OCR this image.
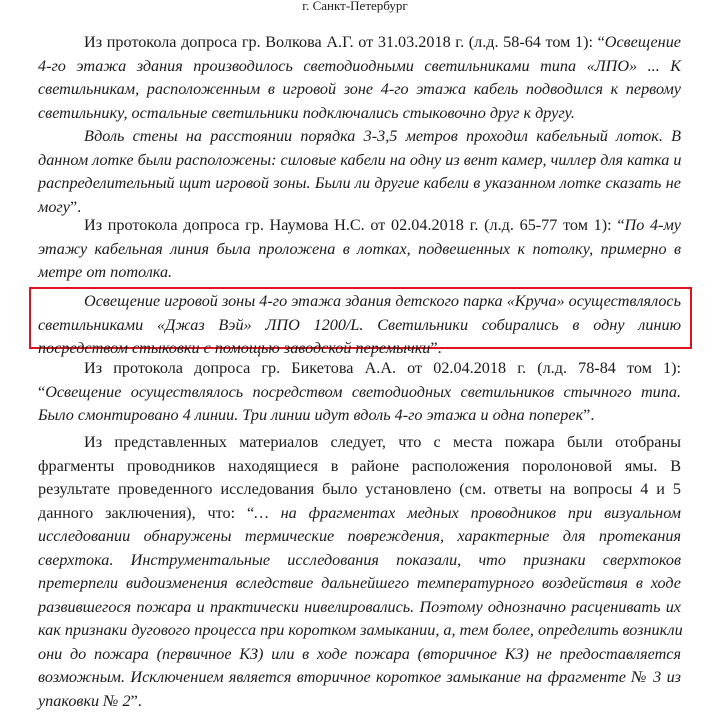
г. Санкт-Петербург
Из протокола допроса гр. Волкова А.Г. от 31.03.2018 г. (л.д. 58-64 том 1): “Освещение
4-го этажа здания производилось светодиодными светильниками типа «ЛПО» ... К
светильникам, расположенным в игровой зоне 4-го этажа кабель подводился к первому
светильнику, остальные светильники подключались стыковочно друг к другу.
Вдоль стены на расстоянии порядка 3-3,5 метров проходил кабельный лоток. В
данном лотке были расположены: силовые кабели на одну из вент камер, чиллер для катка и
распределительный щит игровой зоны. Были ли другие кабели в указанном лотке сказать не
могу”.
Из протокола допроса гр. Наумова Н.С. от 02.04.2018 г. (л.д. 65-77 том 1): “По 4-му
этажу кабельная линия была проложена в лотках, подвешенных к потолку, примерно в
метре от потолка.
Освещение игровой зоны 4-го этажа здания детского парка «Круча» осуществлялось
светильниками «Джаз Вэй» ЛПО 1200/L. Светильники собирались в одну линию
посредством стыковки с помощью заводской перемычки”.
Из протокола допроса гр. Бикетова А.А. от 02.04.2018 г. (л.д. 78-84 том 1):
“Освещение осуществлялось посредством светодиодных светильников стычного типа.
Было смонтировано 4 линии. Три линии идут вдоль 4-го этажа и одна поперек”.
Из представленных материалов следует, что с места пожара были отобраны
фрагменты проводников находящиеся в районе расположения поролоновой ямы. В
результате проведенного исследования было установлено (см. ответы на вопросы 4 и 5
данного заключения), что: “… на фрагментах медных проводников при визуальном
исследовании обнаружены термические повреждения, характерные для протекания
сверхтока. Инструментальные исследования показали, что признаки сверхтоков
претерпели видоизменения вследствие дальнейшего температурного воздействия в ходе
развившегося пожара и практически нивелировались. Поэтому однозначно расценивать их
как признаки дугового процесса при коротком замыкании, а, тем более, определить возникли
они до пожара (первичное КЗ) или в ходе пожара (вторичное КЗ) не предоставляется
возможным. Исключением является вторичное короткое замыкание на фрагменте № 3 из
упаковки № 2”.
